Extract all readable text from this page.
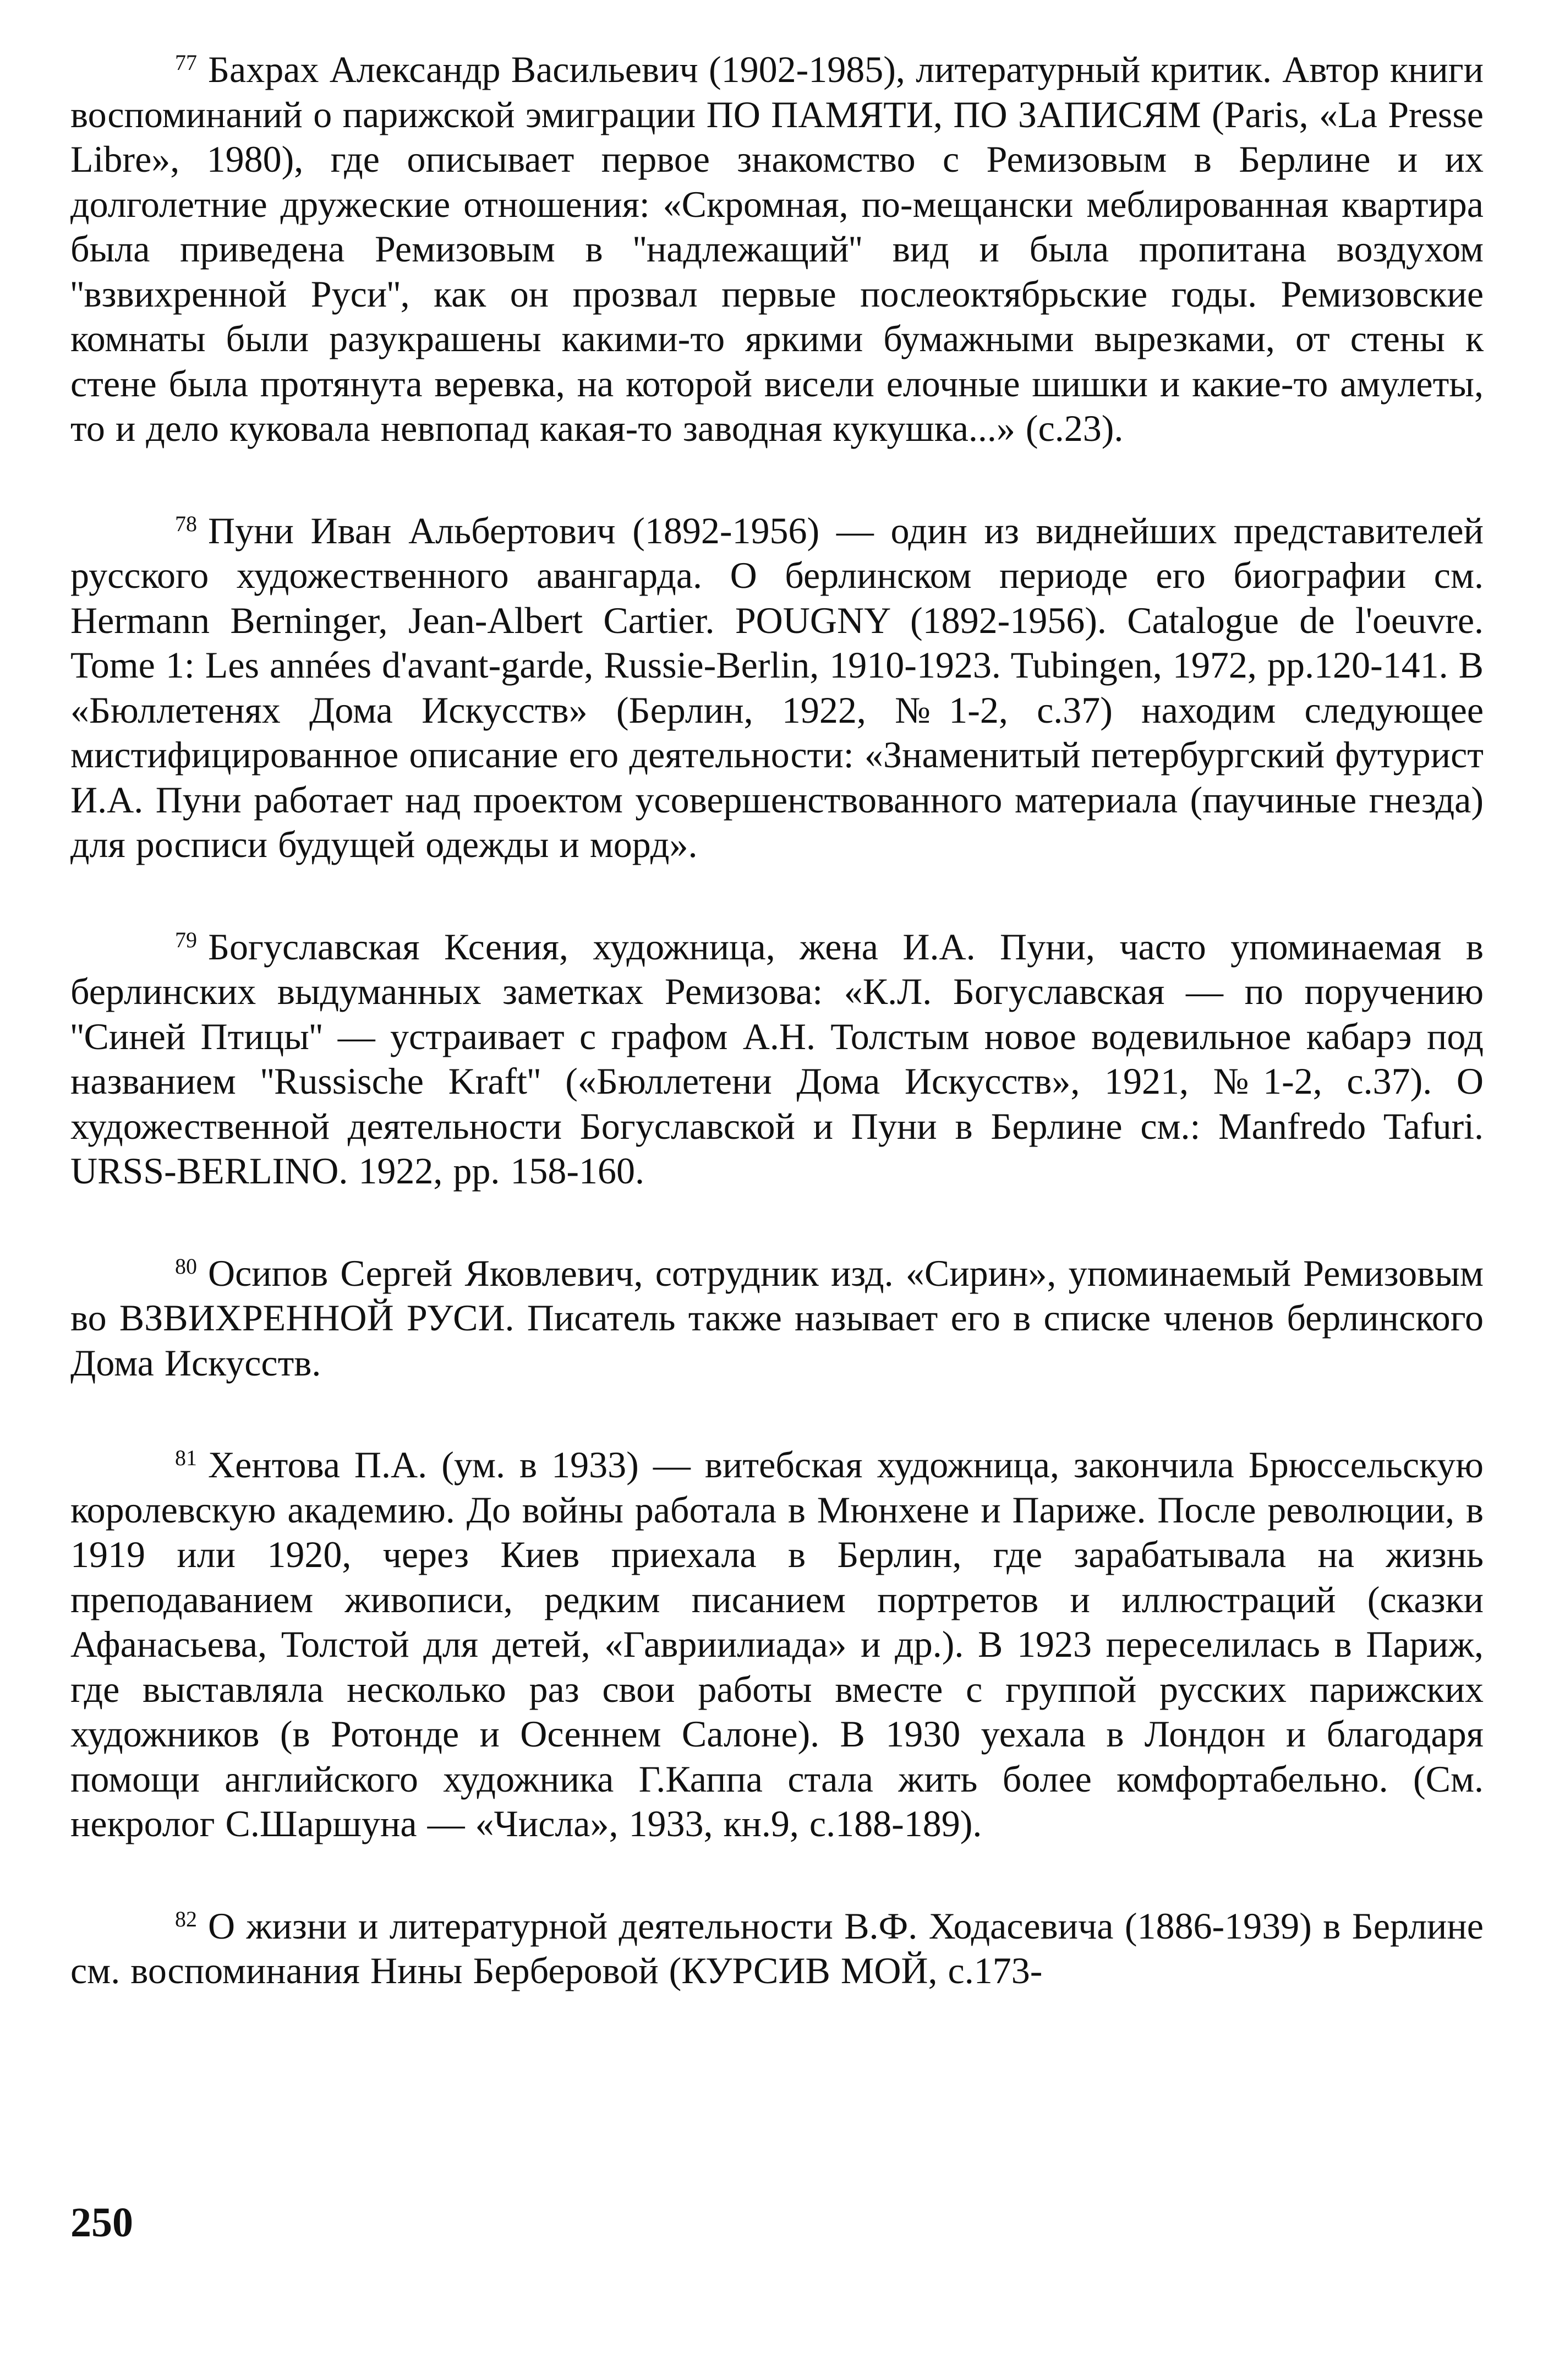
$^{77}$ Бахрах Александр Васильевич (1902-1985), литературный критик. Автор книги воспоминаний о парижской эмиграции ПО ПАМЯТИ, ПО ЗАПИСЯМ (Paris, «La Presse Libre», 1980), где описывает первое знакомство с Ремизовым в Берлине и их долголетние дружеские отношения: «Скромная, по-мещански меблированная квартира была приведена Ремизовым в ''надлежащий'' вид и была пропитана воздухом ''взвихренной Руси'', как он прозвал первые послеоктябрьские годы. Ремизовские комнаты были разукрашены какими-то яркими бумажными вырезками, от стены к стене была протянута веревка, на которой висели елочные шишки и какие-то амулеты, то и дело куковала невпопад какая-то заводная кукушка...» (с.23).

$^{78}$ Пуни Иван Альбертович (1892-1956) — один из виднейших представителей русского художественного авангарда. О берлинском периоде его биографии см. Hermann Berninger, Jean-Albert Cartier. POUGNY (1892-1956). Catalogue de l'oeuvre. Tome 1: Les années d'avant-garde, Russie-Berlin, 1910-1923. Tubingen, 1972, pp.120-141. В «Бюллетенях Дома Искусств» (Берлин, 1922, №1-2, с.37) находим следующее мистифицированное описание его деятельности: «Знаменитый петербургский футурист И.А. Пуни работает над проектом усовершенствованного материала (паучиные гнезда) для росписи будущей одежды и морд».

$^{79}$ Богуславская Ксения, художница, жена И.А. Пуни, часто упоминаемая в берлинских выдуманных заметках Ремизова: «К.Л. Богуславская — по поручению ''Синей Птицы'' — устраивает с графом А.Н. Толстым новое водевильное кабарэ под названием ''Russische Kraft'' («Бюллетени Дома Искусств», 1921, №1-2, с.37). О художественной деятельности Богуславской и Пуни в Берлине см.: Manfredo Tafuri. URSS-BERLINO. 1922, pp. 158-160.

$^{80}$ Осипов Сергей Яковлевич, сотрудник изд. «Сирин», упоминаемый Ремизовым во ВЗВИХРЕННОЙ РУСИ. Писатель также называет его в списке членов берлинского Дома Искусств.

$^{81}$ Хентова П.А. (ум. в 1933) — витебская художница, закончила Брюссельскую королевскую академию. До войны работала в Мюнхене и Париже. После революции, в 1919 или 1920, через Киев приехала в Берлин, где зарабатывала на жизнь преподаванием живописи, редким писанием портретов и иллюстраций (сказки Афанасьева, Толстой для детей, «Гавриилиада» и др.). В 1923 переселилась в Париж, где выставляла несколько раз свои работы вместе с группой русских парижских художников (в Ротонде и Осеннем Салоне). В 1930 уехала в Лондон и благодаря помощи английского художника Г.Каппа стала жить более комфортабельно. (См. некролог С.Шаршуна — «Числа», 1933, кн.9, с.188-189).

$^{82}$ О жизни и литературной деятельности В.Ф. Ходасевича (1886-1939) в Берлине см. воспоминания Нины Берберовой (КУРСИВ МОЙ, с.173-

250
